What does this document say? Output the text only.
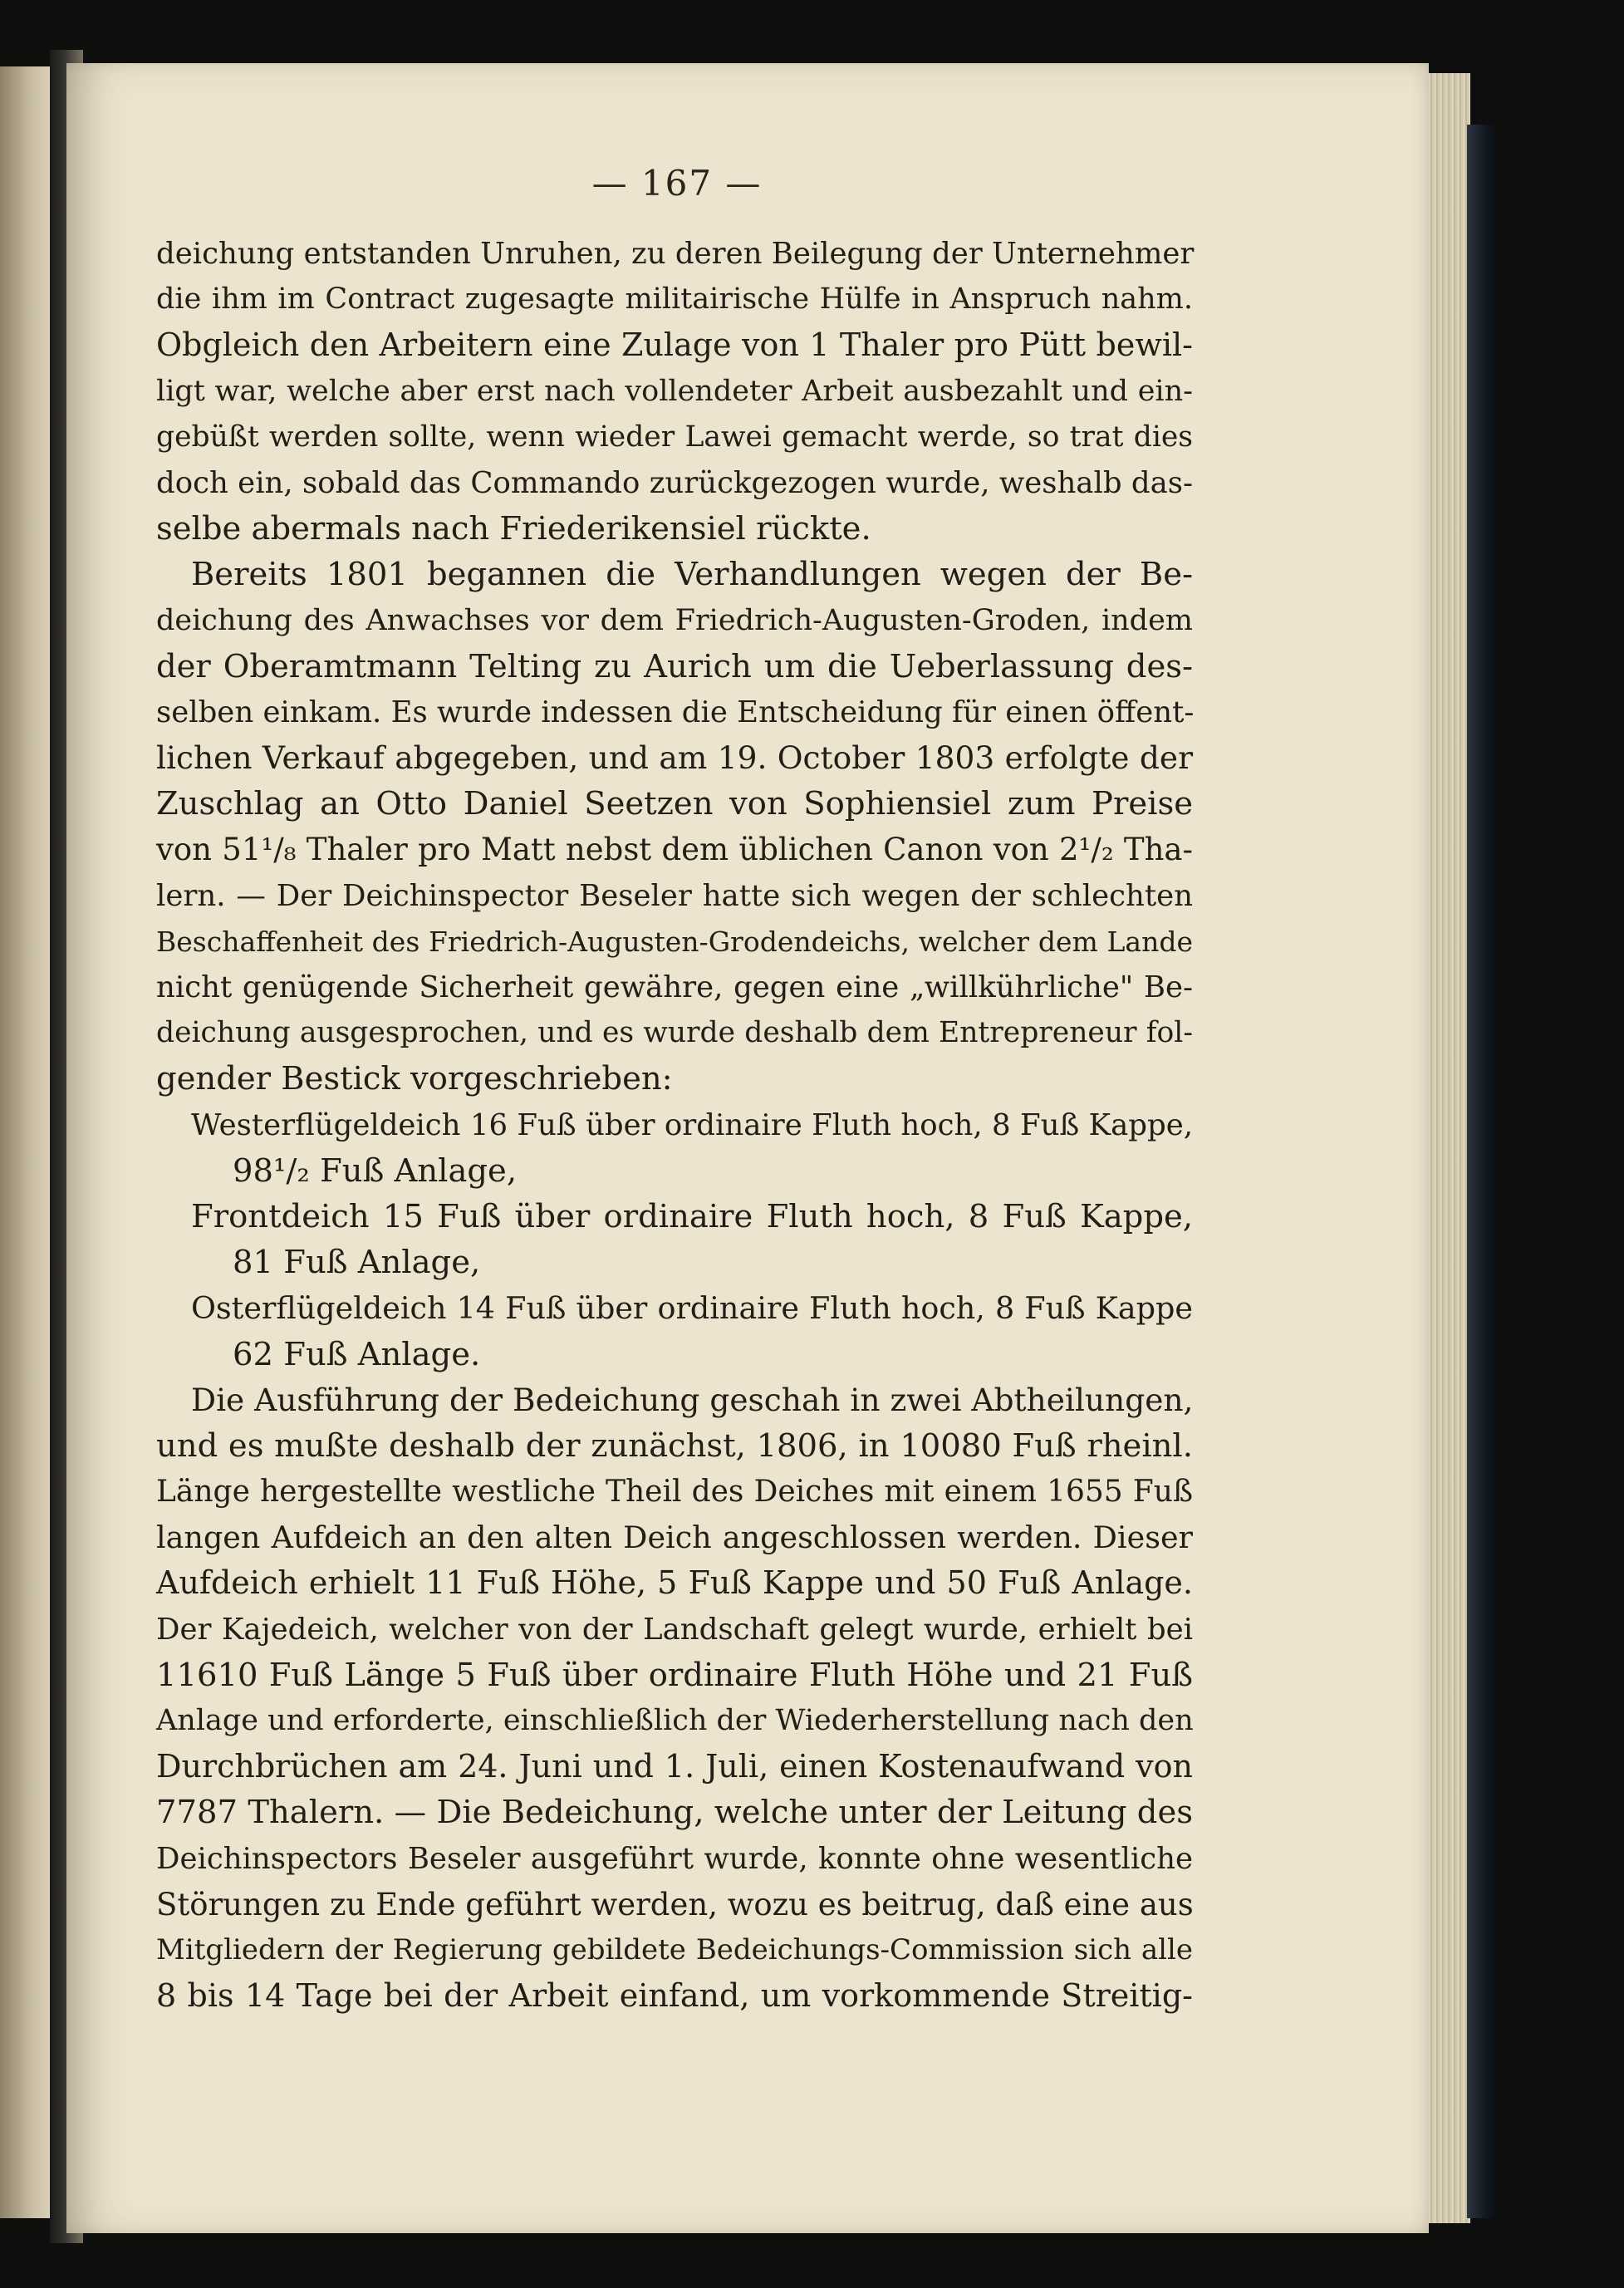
— 167 —
deichung entstanden Unruhen, zu deren Beilegung der Unternehmer
die ihm im Contract zugesagte militairische Hülfe in Anspruch nahm.
Obgleich den Arbeitern eine Zulage von 1 Thaler pro Pütt bewil-
ligt war, welche aber erst nach vollendeter Arbeit ausbezahlt und ein-
gebüßt werden sollte, wenn wieder Lawei gemacht werde, so trat dies
doch ein, sobald das Commando zurückgezogen wurde, weshalb das-
selbe abermals nach Friederikensiel rückte.
Bereits 1801 begannen die Verhandlungen wegen der Be-
deichung des Anwachses vor dem Friedrich-Augusten-Groden, indem
der Oberamtmann Telting zu Aurich um die Ueberlassung des-
selben einkam. Es wurde indessen die Entscheidung für einen öffent-
lichen Verkauf abgegeben, und am 19. October 1803 erfolgte der
Zuschlag an Otto Daniel Seetzen von Sophiensiel zum Preise
von 51¹/₈ Thaler pro Matt nebst dem üblichen Canon von 2¹/₂ Tha-
lern. — Der Deichinspector Beseler hatte sich wegen der schlechten
Beschaffenheit des Friedrich-Augusten-Grodendeichs, welcher dem Lande
nicht genügende Sicherheit gewähre, gegen eine „willkührliche" Be-
deichung ausgesprochen, und es wurde deshalb dem Entrepreneur fol-
gender Bestick vorgeschrieben:
Westerflügeldeich 16 Fuß über ordinaire Fluth hoch, 8 Fuß Kappe,
98¹/₂ Fuß Anlage,
Frontdeich 15 Fuß über ordinaire Fluth hoch, 8 Fuß Kappe,
81 Fuß Anlage,
Osterflügeldeich 14 Fuß über ordinaire Fluth hoch, 8 Fuß Kappe
62 Fuß Anlage.
Die Ausführung der Bedeichung geschah in zwei Abtheilungen,
und es mußte deshalb der zunächst, 1806, in 10080 Fuß rheinl.
Länge hergestellte westliche Theil des Deiches mit einem 1655 Fuß
langen Aufdeich an den alten Deich angeschlossen werden. Dieser
Aufdeich erhielt 11 Fuß Höhe, 5 Fuß Kappe und 50 Fuß Anlage.
Der Kajedeich, welcher von der Landschaft gelegt wurde, erhielt bei
11610 Fuß Länge 5 Fuß über ordinaire Fluth Höhe und 21 Fuß
Anlage und erforderte, einschließlich der Wiederherstellung nach den
Durchbrüchen am 24. Juni und 1. Juli, einen Kostenaufwand von
7787 Thalern. — Die Bedeichung, welche unter der Leitung des
Deichinspectors Beseler ausgeführt wurde, konnte ohne wesentliche
Störungen zu Ende geführt werden, wozu es beitrug, daß eine aus
Mitgliedern der Regierung gebildete Bedeichungs-Commission sich alle
8 bis 14 Tage bei der Arbeit einfand, um vorkommende Streitig-
